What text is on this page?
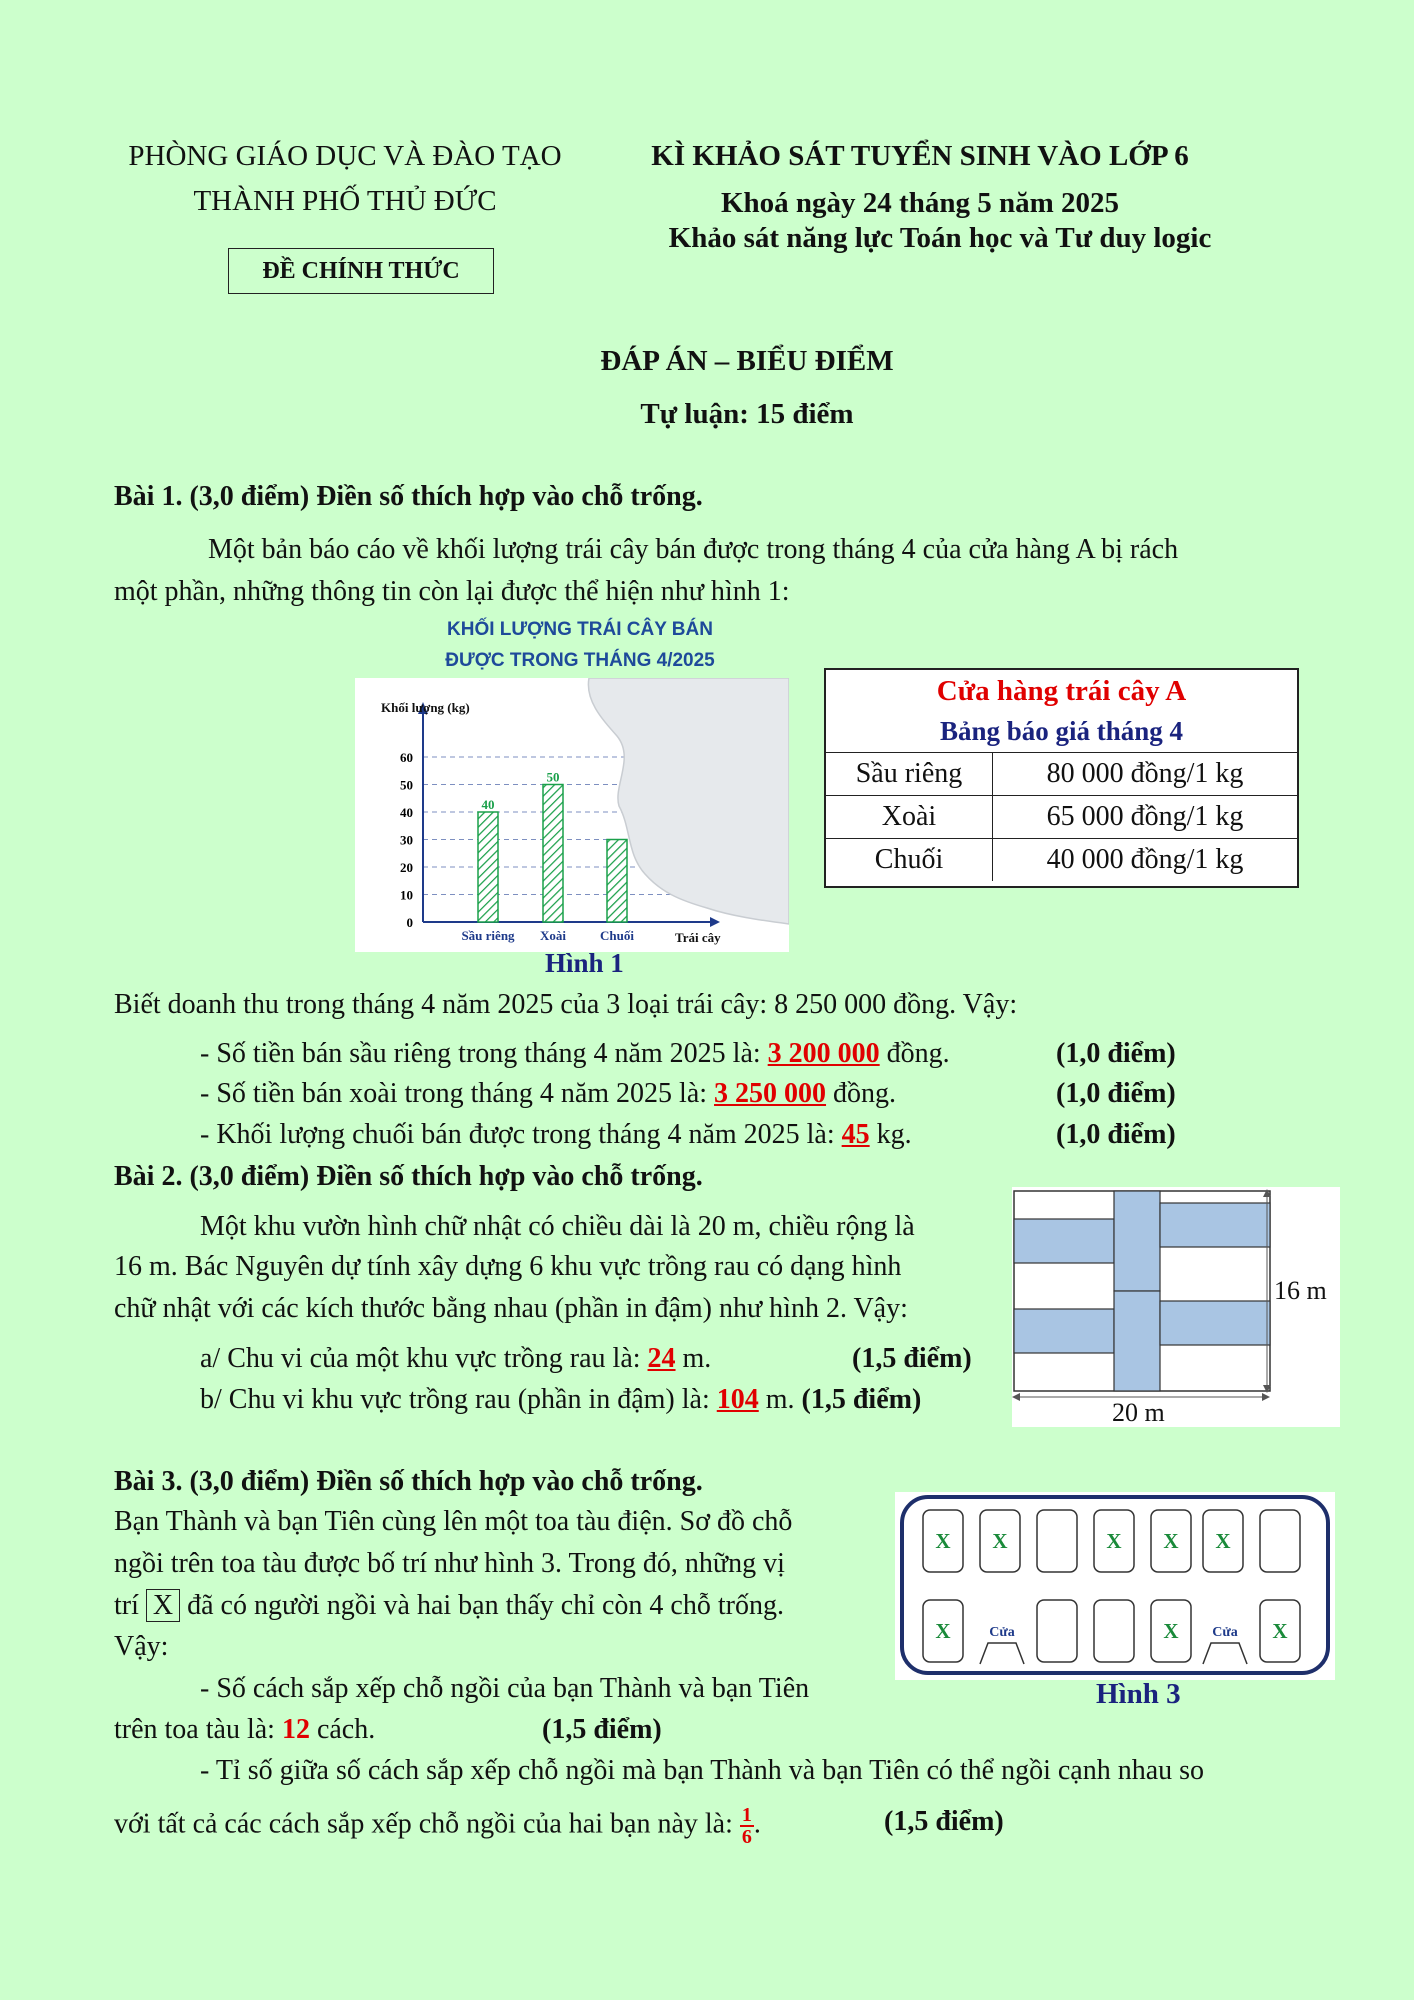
PHÒNG GIÁO DỤC VÀ ĐÀO TẠO
THÀNH PHỐ THỦ ĐỨC
ĐỀ CHÍNH THỨC
KÌ KHẢO SÁT TUYỂN SINH VÀO LỚP 6
Khoá ngày 24 tháng 5 năm 2025
Khảo sát năng lực Toán học và Tư duy logic
ĐÁP ÁN – BIỂU ĐIỂM
Tự luận: 15 điểm
Bài 1. (3,0 điểm) Điền số thích hợp vào chỗ trống.
Một bản báo cáo về khối lượng trái cây bán được trong tháng 4 của cửa hàng A bị rách
một phần, những thông tin còn lại được thể hiện như hình 1:
KHỐI LƯỢNG TRÁI CÂY BÁN
ĐƯỢC TRONG THÁNG 4/2025
Khối lượng (kg)
Trái cây
0
10
20
30
40
50
60
40
Sầu riêng
50
Xoài	Chuối
Hình 1
Cửa hàng trái cây A
Bảng báo giá tháng 4
Sầu riêng	80 000 đồng/1 kg
Xoài	65 000 đồng/1 kg
Chuối	40 000 đồng/1 kg
Biết doanh thu trong tháng 4 năm 2025 của 3 loại trái cây: 8 250 000 đồng. Vậy:
- Số tiền bán sầu riêng trong tháng 4 năm 2025 là: 3 200 000 đồng.	(1,0 điểm)
- Số tiền bán xoài trong tháng 4 năm 2025 là: 3 250 000 đồng.	(1,0 điểm)
- Khối lượng chuối bán được trong tháng 4 năm 2025 là: 45 kg.	(1,0 điểm)
Bài 2. (3,0 điểm) Điền số thích hợp vào chỗ trống.
Một khu vườn hình chữ nhật có chiều dài là 20 m, chiều rộng là
16 m. Bác Nguyên dự tính xây dựng 6 khu vực trồng rau có dạng hình
chữ nhật với các kích thước bằng nhau (phần in đậm) như hình 2. Vậy:
a/ Chu vi của một khu vực trồng rau là: 24 m.	(1,5 điểm)
b/ Chu vi khu vực trồng rau (phần in đậm) là: 104 m. (1,5 điểm)
16 m
20 m
Bài 3. (3,0 điểm) Điền số thích hợp vào chỗ trống.
Bạn Thành và bạn Tiên cùng lên một toa tàu điện. Sơ đồ chỗ
ngồi trên toa tàu được bố trí như hình 3. Trong đó, những vị
trí X đã có người ngồi và hai bạn thấy chỉ còn 4 chỗ trống.
Vậy:
- Số cách sắp xếp chỗ ngồi của bạn Thành và bạn Tiên
trên toa tàu là: 12 cách.	(1,5 điểm)
- Tỉ số giữa số cách sắp xếp chỗ ngồi mà bạn Thành và bạn Tiên có thể ngồi cạnh nhau so
với tất cả các cách sắp xếp chỗ ngồi của hai bạn này là: $\frac{1}{6}$ .	(1,5 điểm)
X X	X X X
X	Cửa	X Cửa X
Hình 3
